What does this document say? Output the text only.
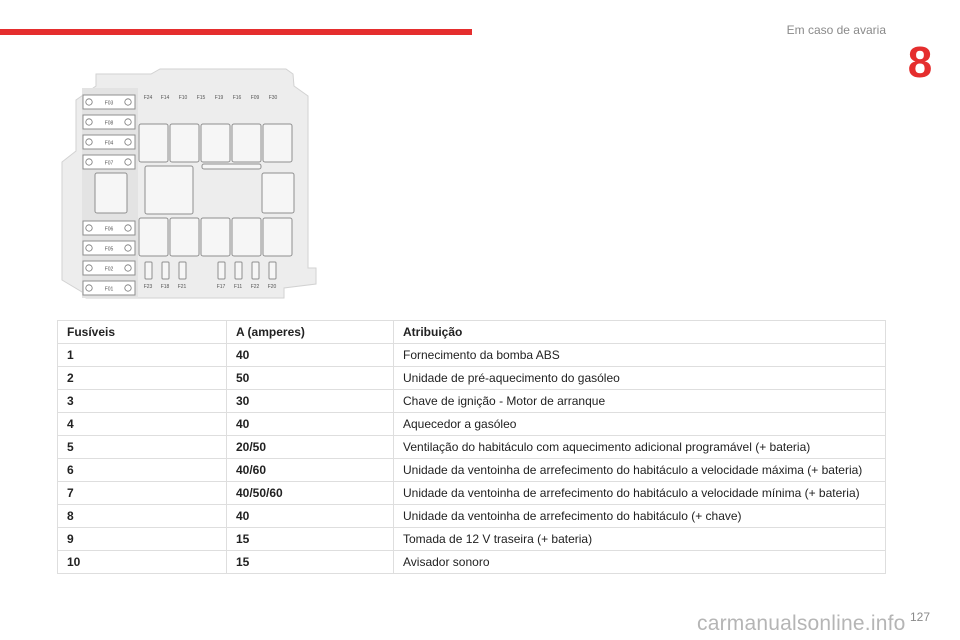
Em caso de avaria
8
F03
F08
F04
F07
F06
F05
F02
F01
F24 F14 F10 F15 F19 F16 F09 F30
F23 F18 F21	F17 F11 F22 F20
Fusíveis	A (amperes)	Atribuição
1	40	Fornecimento da bomba ABS
2	50	Unidade de pré-aquecimento do gasóleo
3	30	Chave de ignição - Motor de arranque
4	40	Aquecedor a gasóleo
5	20/50	Ventilação do habitáculo com aquecimento adicional programável (+ bateria)
6	40/60	Unidade da ventoinha de arrefecimento do habitáculo a velocidade máxima (+ bateria)
7	40/50/60	Unidade da ventoinha de arrefecimento do habitáculo a velocidade mínima (+ bateria)
8	40	Unidade da ventoinha de arrefecimento do habitáculo (+ chave)
9	15	Tomada de 12 V traseira (+ bateria)
10	15	Avisador sonoro
carmanualsonline.info 127
